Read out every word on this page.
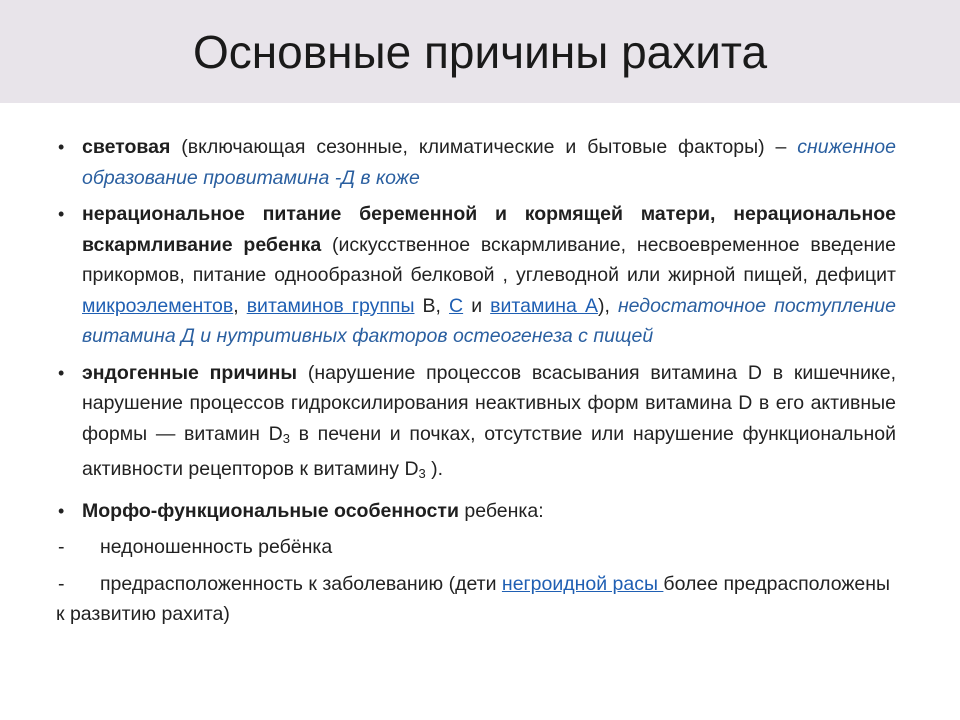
Основные причины рахита
• световая (включающая сезонные, климатические и бытовые факторы) – сниженное образование провитамина -Д в коже
• нерациональное питание беременной и кормящей матери, нерациональное вскармливание ребенка (искусственное вскармливание, несвоевременное введение прикормов, питание однообразной белковой , углеводной или жирной пищей, дефицит микроэлементов, витаминов группы В, С и витамина А), недостаточное поступление витамина Д и нутритивных факторов остеогенеза с пищей
• эндогенные причины (нарушение процессов всасывания витамина D в кишечнике, нарушение процессов гидроксилирования неактивных форм витамина D в его активные формы — витамин $D_3$ в печени и почках, отсутствие или нарушение функциональной активности рецепторов к витамину $D_3$ ).
• Морфо-функциональные особенности ребенка:
- недоношенность ребёнка
- предрасположенность к заболеванию (дети негроидной расы более предрасположены к развитию рахита)
